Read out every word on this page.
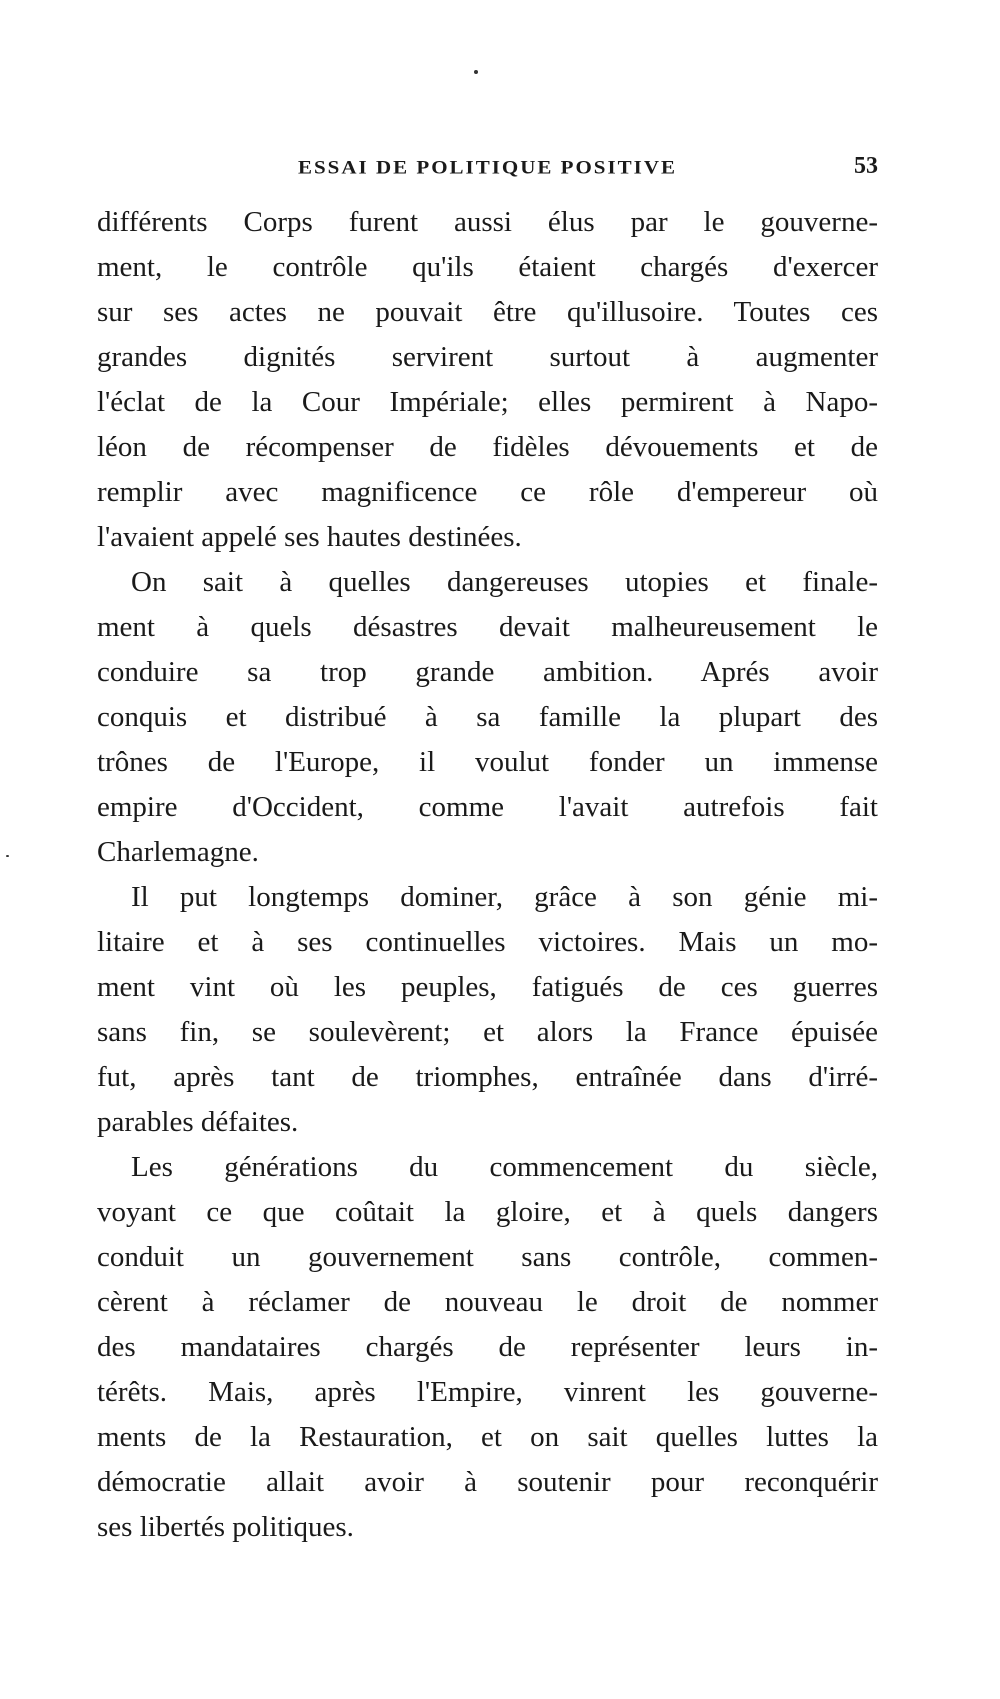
ESSAI DE POLITIQUE POSITIVE	53
différents Corps furent aussi élus par le gouverne-
ment, le contrôle qu'ils étaient chargés d'exercer
sur ses actes ne pouvait être qu'illusoire. Toutes ces
grandes dignités servirent surtout à augmenter
l'éclat de la Cour Impériale; elles permirent à Napo-
léon de récompenser de fidèles dévouements et de
remplir avec magnificence ce rôle d'empereur où
l'avaient appelé ses hautes destinées.
On sait à quelles dangereuses utopies et finale-
ment à quels désastres devait malheureusement le
conduire sa trop grande ambition. Aprés avoir
conquis et distribué à sa famille la plupart des
trônes de l'Europe, il voulut fonder un immense
empire d'Occident, comme l'avait autrefois fait
Charlemagne.
Il put longtemps dominer, grâce à son génie mi-
litaire et à ses continuelles victoires. Mais un mo-
ment vint où les peuples, fatigués de ces guerres
sans fin, se soulevèrent; et alors la France épuisée
fut, après tant de triomphes, entraînée dans d'irré-
parables défaites.
Les générations du commencement du siècle,
voyant ce que coûtait la gloire, et à quels dangers
conduit un gouvernement sans contrôle, commen-
cèrent à réclamer de nouveau le droit de nommer
des mandataires chargés de représenter leurs in-
térêts. Mais, après l'Empire, vinrent les gouverne-
ments de la Restauration, et on sait quelles luttes la
démocratie allait avoir à soutenir pour reconquérir
ses libertés politiques.
